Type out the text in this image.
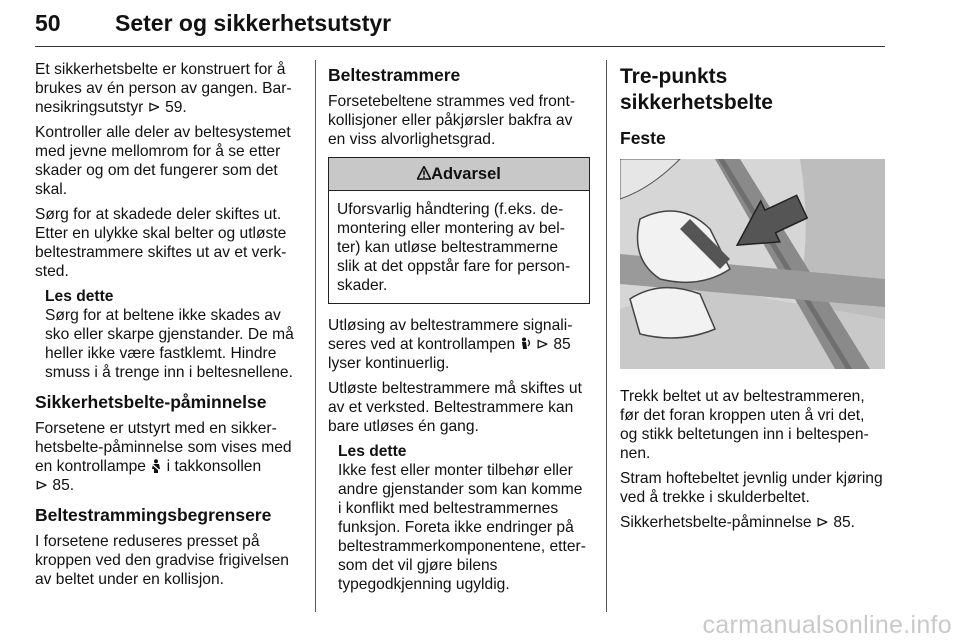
50 Seter og sikkerhetsutstyr

Et sikkerhetsbelte er konstruert for å brukes av én person av gangen. Barnesikringsutstyr ⊳ 59.

Kontroller alle deler av beltesystemet med jevne mellomrom for å se etter skader og om det fungerer som det skal.

Sørg for at skadede deler skiftes ut. Etter en ulykke skal belter og utløste beltestrammere skiftes ut av et verksted.

Les dette
Sørg for at beltene ikke skades av sko eller skarpe gjenstander. De må heller ikke være fastklemt. Hindre smuss i å trenge inn i beltesnellene.
Sikkerhetsbelte-påminnelse

Forsetene er utstyrt med en sikkerhetsbelte-påminnelse som vises med en kontrollampe  i takkonsollen
⊳ 85.

Beltestrammingsbegrensere

I forsetene reduseres presset på kroppen ved den gradvise frigivelsen av beltet under en kollisjon.

Beltestrammere

Forsetebeltene strammes ved frontkollisjoner eller påkjørsler bakfra av en viss alvorlighetsgrad.

Advarsel
Uforsvarlig håndtering (f.eks. demontering eller montering av belter) kan utløse beltestrammerne slik at det oppstår fare for personskader.

Utløsing av beltestrammere signaliseres ved at kontrollampen ⊳ 85 lyser kontinuerlig.

Utløste beltestrammere må skiftes ut av et verksted. Beltestrammere kan bare utløses én gang.

Les dette
Ikke fest eller monter tilbehør eller andre gjenstander som kan komme i konflikt med beltestrammernes funksjon. Foreta ikke endringer på beltestrammerkomponentene, ettersom det vil gjøre bilens typegodkjenning ugyldig.
Tre-punkts sikkerhetsbelte
Feste

Trekk beltet ut av beltestrammeren, før det foran kroppen uten å vri det, og stikk beltetungen inn i beltespennen.

Stram hoftebeltet jevnlig under kjøring ved å trekke i skulderbeltet.

Sikkerhetsbelte-påminnelse ⊳ 85.

carmanualsonline.info
